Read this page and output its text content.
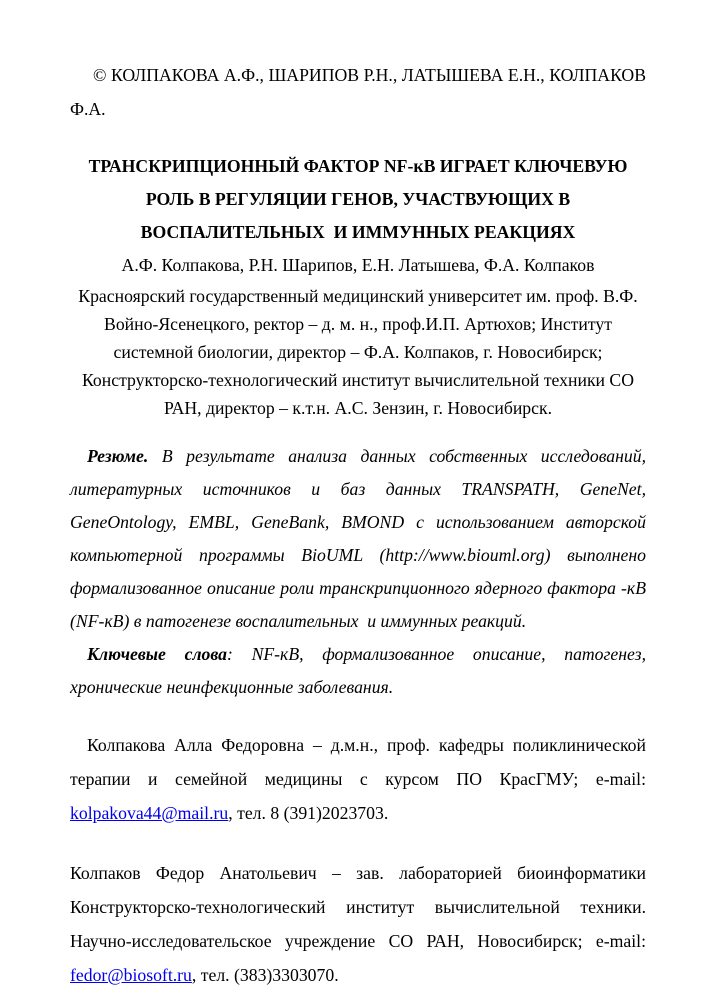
© КОЛПАКОВА А.Ф., ШАРИПОВ Р.Н., ЛАТЫШЕВА Е.Н., КОЛПАКОВ
Ф.А.
ТРАНСКРИПЦИОННЫЙ ФАКТОР NF-кВ ИГРАЕТ КЛЮЧЕВУЮ
РОЛЬ В РЕГУЛЯЦИИ ГЕНОВ, УЧАСТВУЮЩИХ В
ВОСПАЛИТЕЛЬНЫХ  И ИММУННЫХ РЕАКЦИЯХ
А.Ф. Колпакова, Р.Н. Шарипов, Е.Н. Латышева, Ф.А. Колпаков
Красноярский государственный медицинский университет им. проф. В.Ф.
Войно-Ясенецкого, ректор – д. м. н., проф.И.П. Артюхов; Институт
системной биологии, директор – Ф.А. Колпаков, г. Новосибирск;
Конструкторско-технологический институт вычислительной техники СО
РАН, директор – к.т.н. А.С. Зензин, г. Новосибирск.
Резюме. В результате анализа данных собственных исследований,
литературных источников и баз данных TRANSPATH, GeneNet,
GeneOntology, EMBL, GeneBank, BMOND с использованием авторской
компьютерной программы BioUML (http://www.biouml.org) выполнено
формализованное описание роли транскрипционного ядерного фактора -кВ
(NF-кВ) в патогенезе воспалительных  и иммунных реакций.
Ключевые слова: NF-кВ, формализованное описание, патогенез,
хронические неинфекционные заболевания.
Колпакова Алла Федоровна – д.м.н., проф. кафедры поликлинической
терапии и семейной медицины с курсом ПО КрасГМУ; e-mail:
kolpakova44@mail.ru, тел. 8 (391)2023703.
Колпаков Федор Анатольевич – зав. лабораторией биоинформатики
Конструкторско-технологический институт вычислительной техники.
Научно-исследовательское учреждение СО РАН, Новосибирск; e-mail:
fedor@biosoft.ru, тел. (383)3303070.
